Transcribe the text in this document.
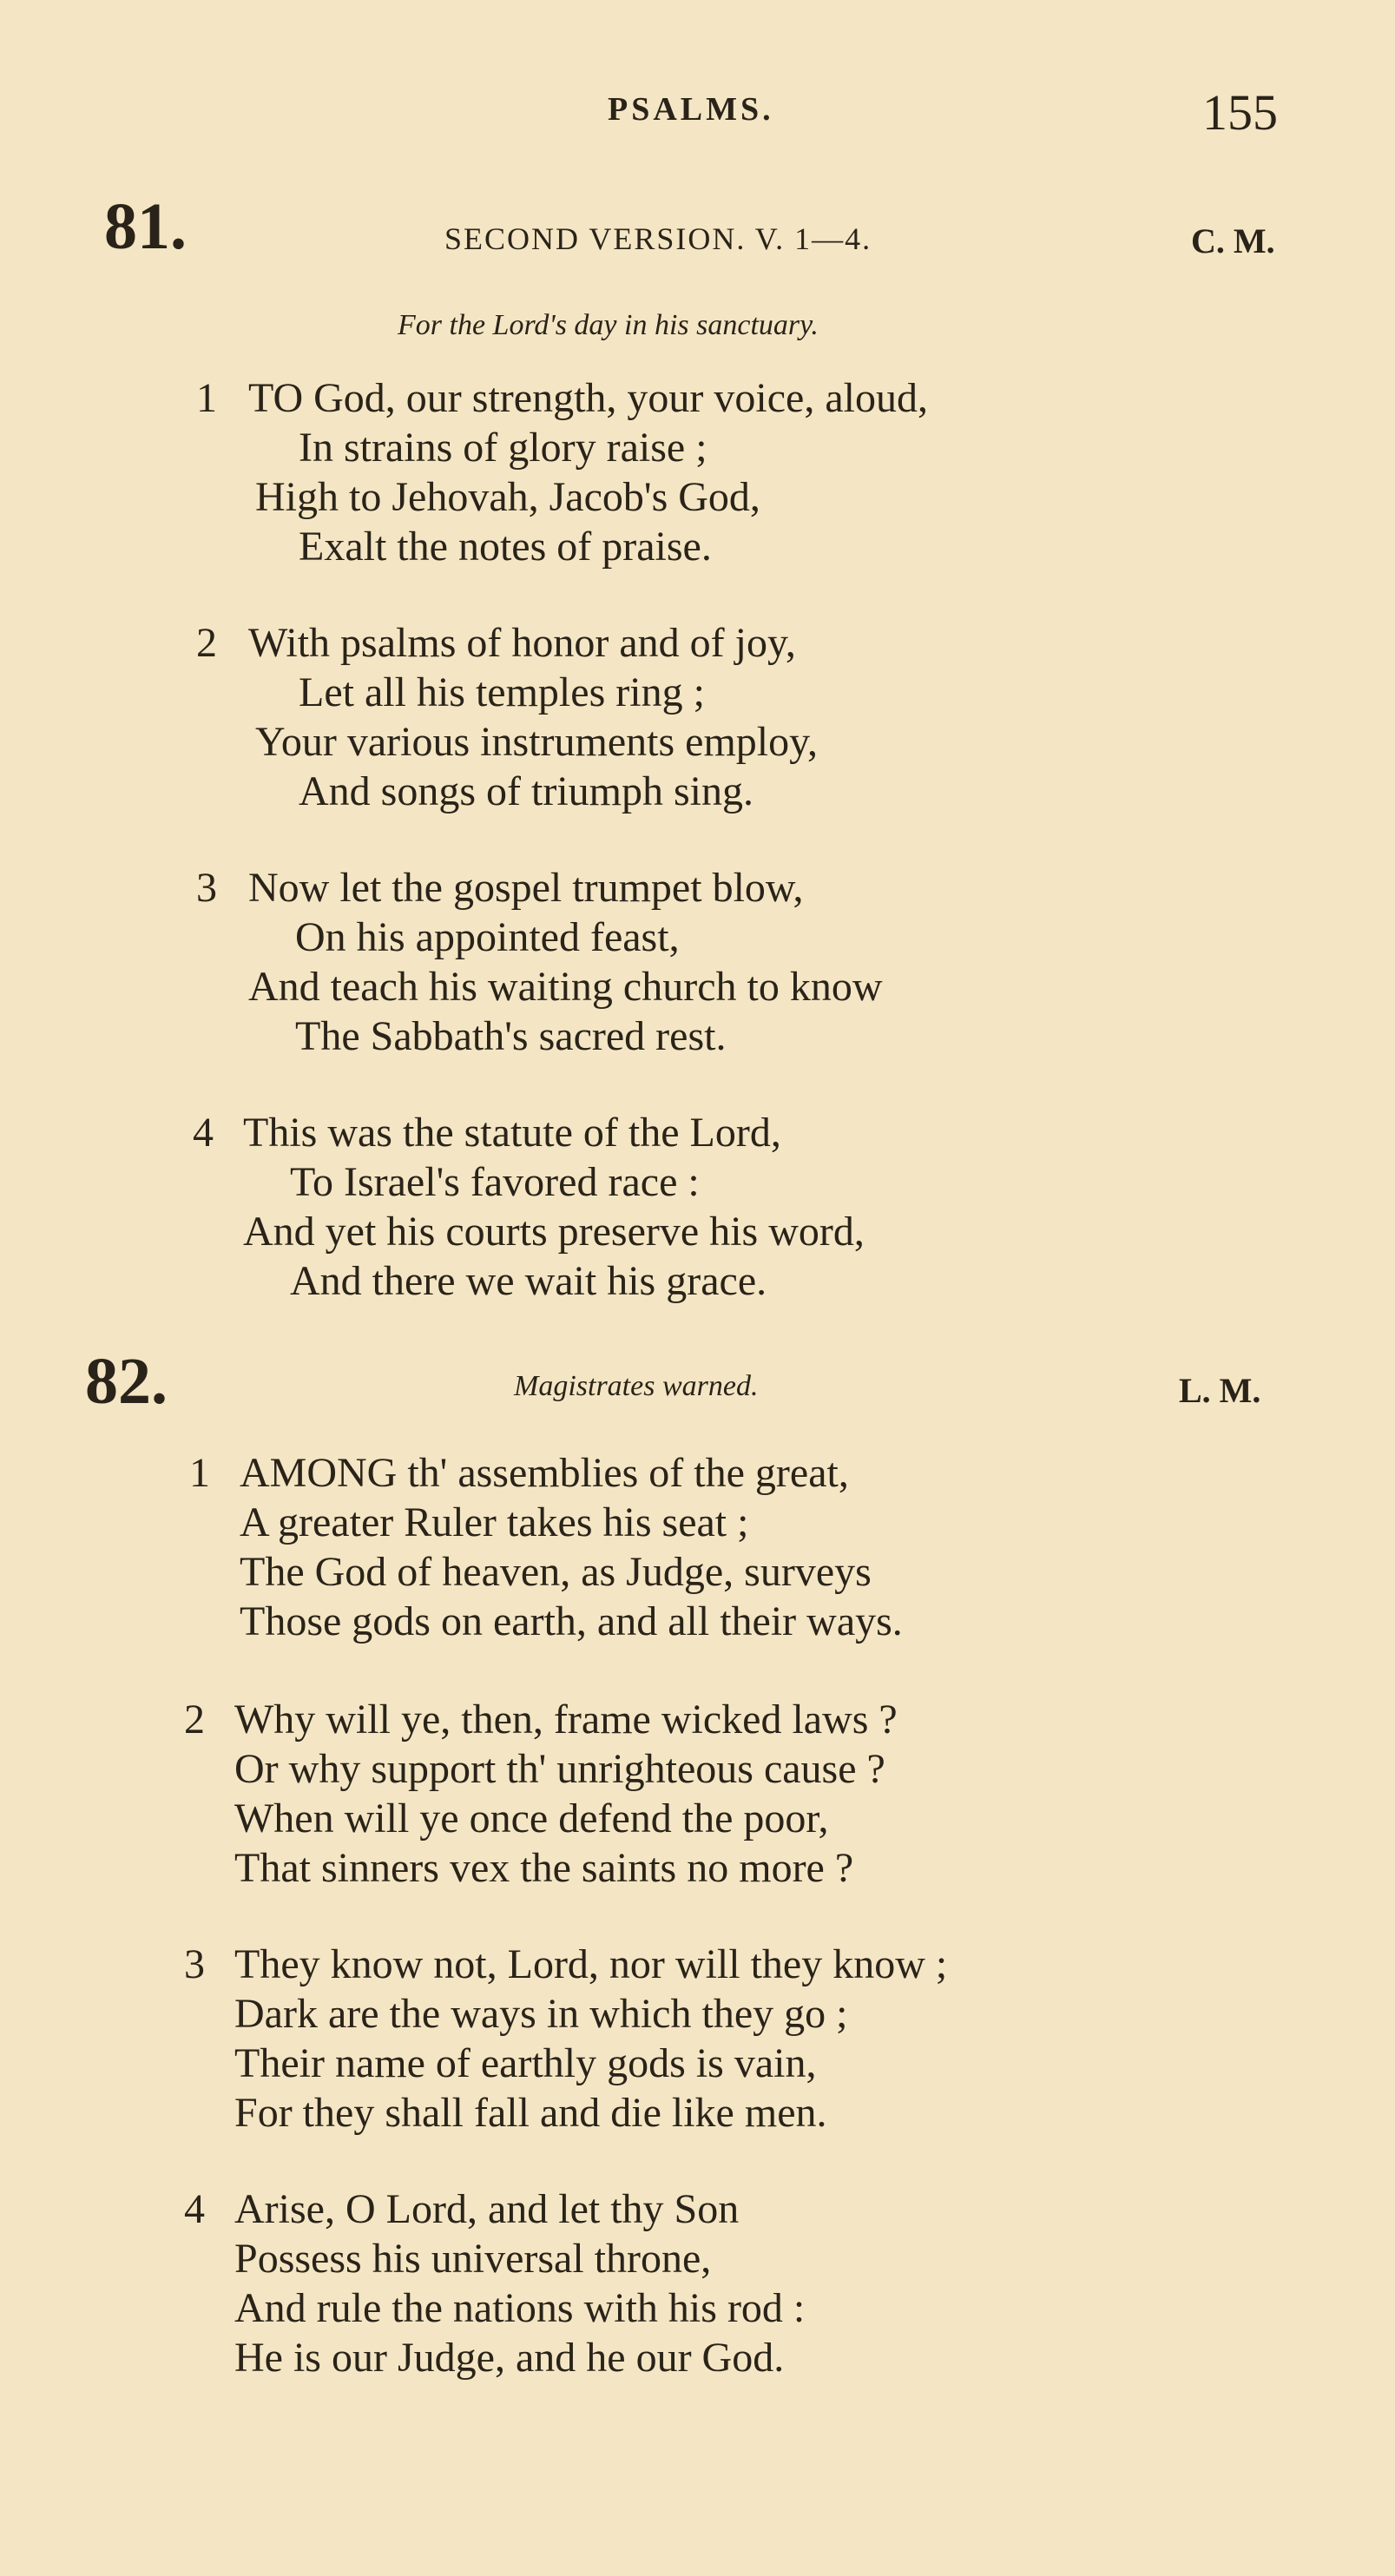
PSALMS.	155
81.	SECOND VERSION. V. 1—4.	C. M.
For the Lord's day in his sanctuary.
1 TO God, our strength, your voice, aloud,
In strains of glory raise ;
High to Jehovah, Jacob's God,
Exalt the notes of praise.
2 With psalms of honor and of joy,
Let all his temples ring ;
Your various instruments employ,
And songs of triumph sing.
3 Now let the gospel trumpet blow,
On his appointed feast,
And teach his waiting church to know
The Sabbath's sacred rest.
4 This was the statute of the Lord,
To Israel's favored race :
And yet his courts preserve his word,
And there we wait his grace.
82.	Magistrates warned.	L. M.
1 AMONG th' assemblies of the great,
A greater Ruler takes his seat ;
The God of heaven, as Judge, surveys
Those gods on earth, and all their ways.
2 Why will ye, then, frame wicked laws ?
Or why support th' unrighteous cause ?
When will ye once defend the poor,
That sinners vex the saints no more ?
3 They know not, Lord, nor will they know ;
Dark are the ways in which they go ;
Their name of earthly gods is vain,
For they shall fall and die like men.
4 Arise, O Lord, and let thy Son
Possess his universal throne,
And rule the nations with his rod :
He is our Judge, and he our God.
